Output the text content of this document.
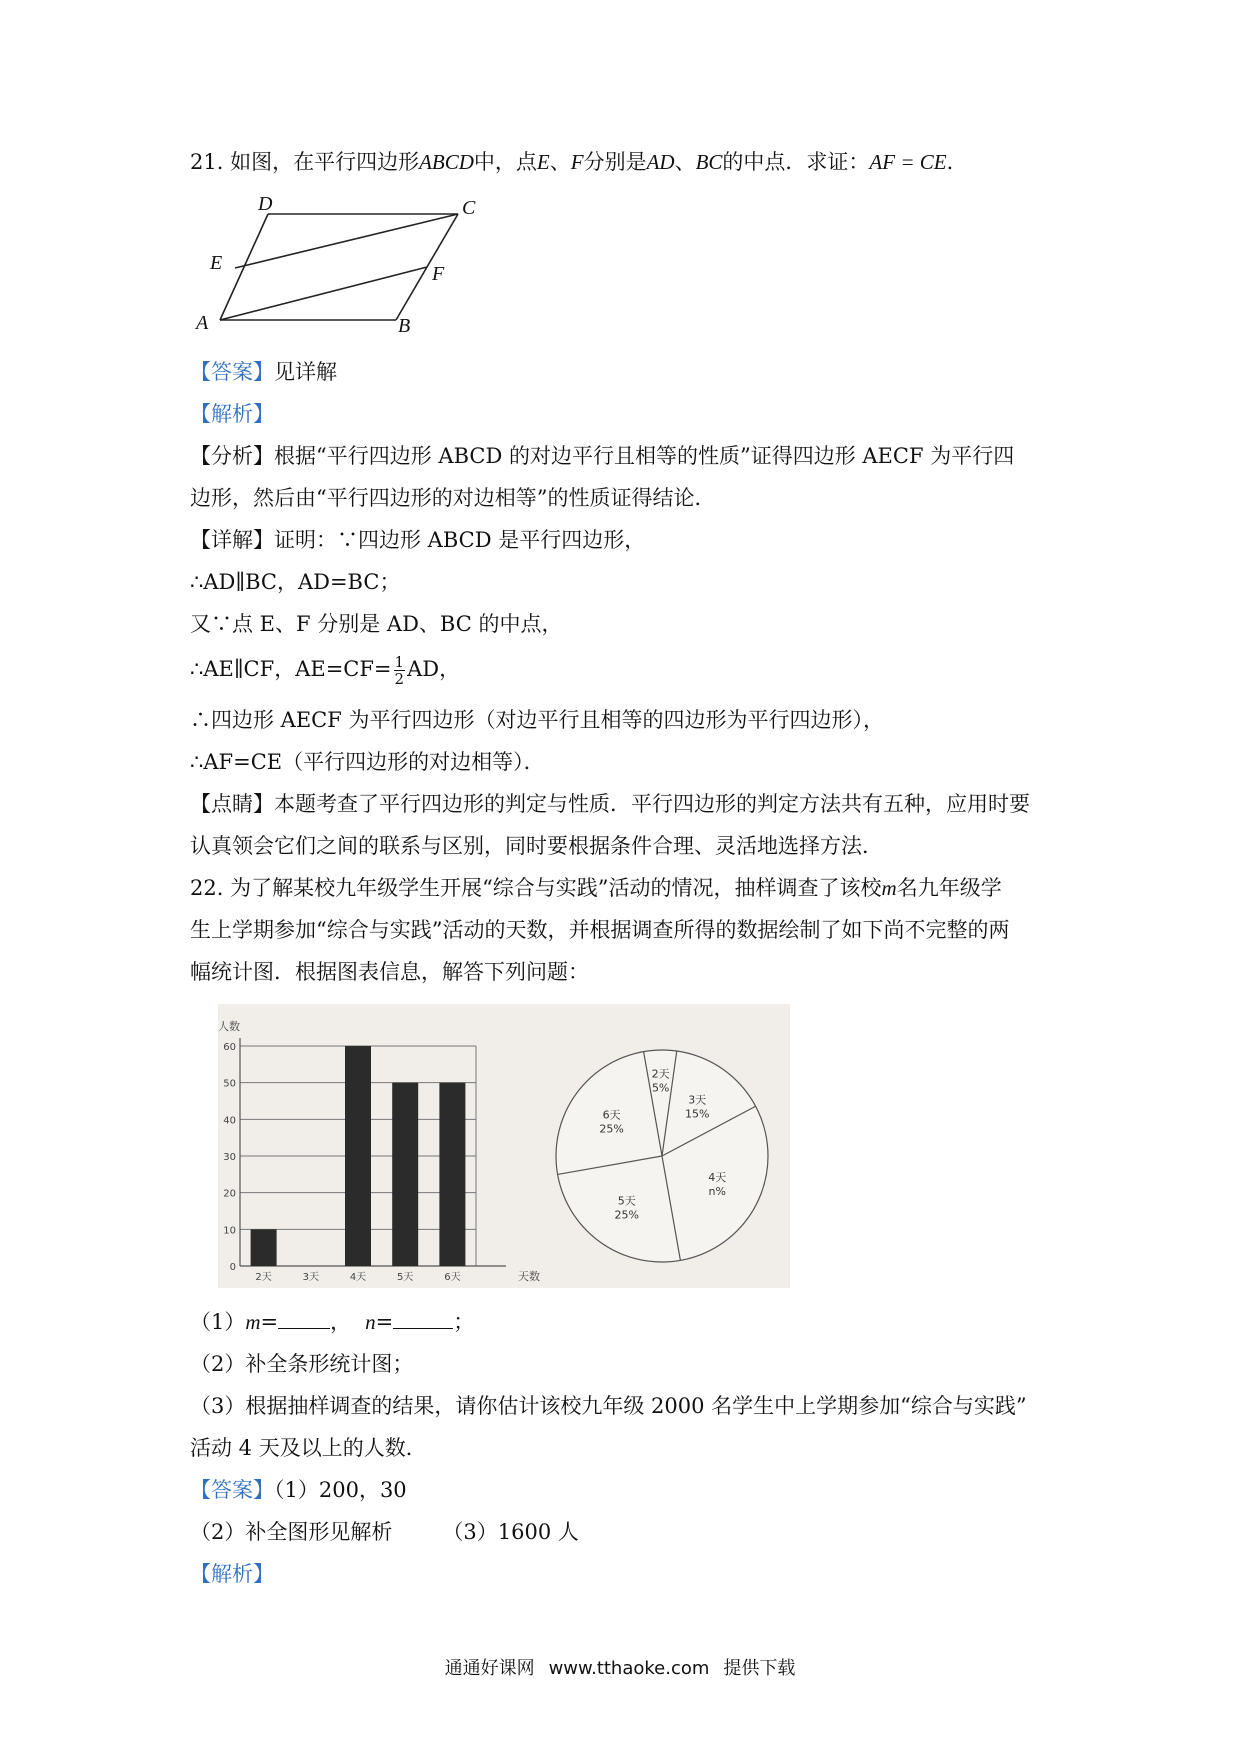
21. 如图，在平行四边形ABCD中，点E、F分别是AD、BC的中点．求证：AF = CE．
A	B
C
D
E	F
【答案】见详解
【解析】
【分析】根据“平行四边形 ABCD 的对边平行且相等的性质”证得四边形 AECF 为平行四
边形，然后由“平行四边形的对边相等”的性质证得结论．
【详解】证明：∵四边形 ABCD 是平行四边形，
∴AD∥BC，AD=BC；
又∵点 E、F 分别是 AD、BC 的中点，
∴AE∥CF，$AE=CF= \frac{1}{2}$ AD，
∴四边形 AECF 为平行四边形（对边平行且相等的四边形为平行四边形），
∴AF=CE（平行四边形的对边相等）．
【点睛】本题考查了平行四边形的判定与性质．平行四边形的判定方法共有五种，应用时要
认真领会它们之间的联系与区别，同时要根据条件合理、灵活地选择方法．
22. 为了解某校九年级学生开展“综合与实践”活动的情况，抽样调查了该校m名九年级学
生上学期参加“综合与实践”活动的天数，并根据调查所得的数据绘制了如下尚不完整的两
幅统计图．根据图表信息，解答下列问题：
人数
天数
0
10
20
30
40
50
60
2天	3天	4天	5天	6天
2天
5%
3天
15%
4天
n%
5天
25%
6天
25%
（1）m= ， n=	；
（2）补全条形统计图；
（3）根据抽样调查的结果，请你估计该校九年级 2000 名学生中上学期参加“综合与实践”
活动 4 天及以上的人数．
【答案】（1）200，30
（2）补全图形见解析 （3）1600 人
【解析】
通通好课网 www.tthaoke.com 提供下载
